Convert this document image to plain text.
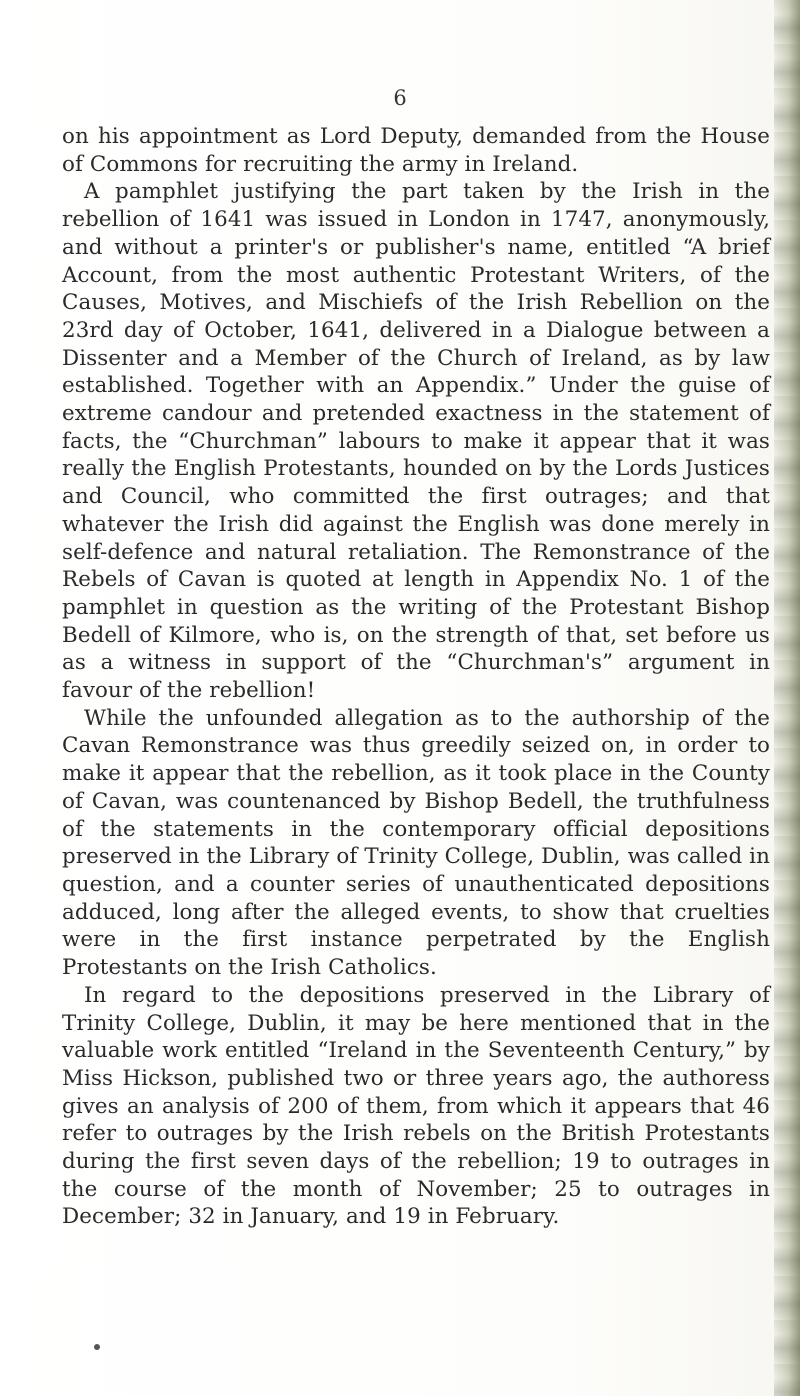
6

on his appointment as Lord Deputy, demanded from the House of Commons for recruiting the army in Ireland.

A pamphlet justifying the part taken by the Irish in the rebellion of 1641 was issued in London in 1747, anonymously, and without a printer's or publisher's name, entitled “A brief Account, from the most authentic Protestant Writers, of the Causes, Motives, and Mischiefs of the Irish Rebellion on the 23rd day of October, 1641, delivered in a Dialogue between a Dissenter and a Member of the Church of Ireland, as by law established. Together with an Appendix.” Under the guise of extreme candour and pretended exactness in the statement of facts, the “Churchman” labours to make it appear that it was really the English Protestants, hounded on by the Lords Justices and Council, who committed the first outrages; and that whatever the Irish did against the English was done merely in self-defence and natural retaliation. The Remonstrance of the Rebels of Cavan is quoted at length in Appendix No. 1 of the pamphlet in question as the writing of the Protestant Bishop Bedell of Kilmore, who is, on the strength of that, set before us as a witness in support of the “Churchman's” argument in favour of the rebellion!

While the unfounded allegation as to the authorship of the Cavan Remonstrance was thus greedily seized on, in order to make it appear that the rebellion, as it took place in the County of Cavan, was countenanced by Bishop Bedell, the truthfulness of the statements in the contemporary official depositions preserved in the Library of Trinity College, Dublin, was called in question, and a counter series of unauthenticated depositions adduced, long after the alleged events, to show that cruelties were in the first instance perpetrated by the English Protestants on the Irish Catholics.

In regard to the depositions preserved in the Library of Trinity College, Dublin, it may be here mentioned that in the valuable work entitled “Ireland in the Seventeenth Century,” by Miss Hickson, published two or three years ago, the authoress gives an analysis of 200 of them, from which it appears that 46 refer to outrages by the Irish rebels on the British Protestants during the first seven days of the rebellion; 19 to outrages in the course of the month of November; 25 to outrages in December; 32 in January, and 19 in February.
